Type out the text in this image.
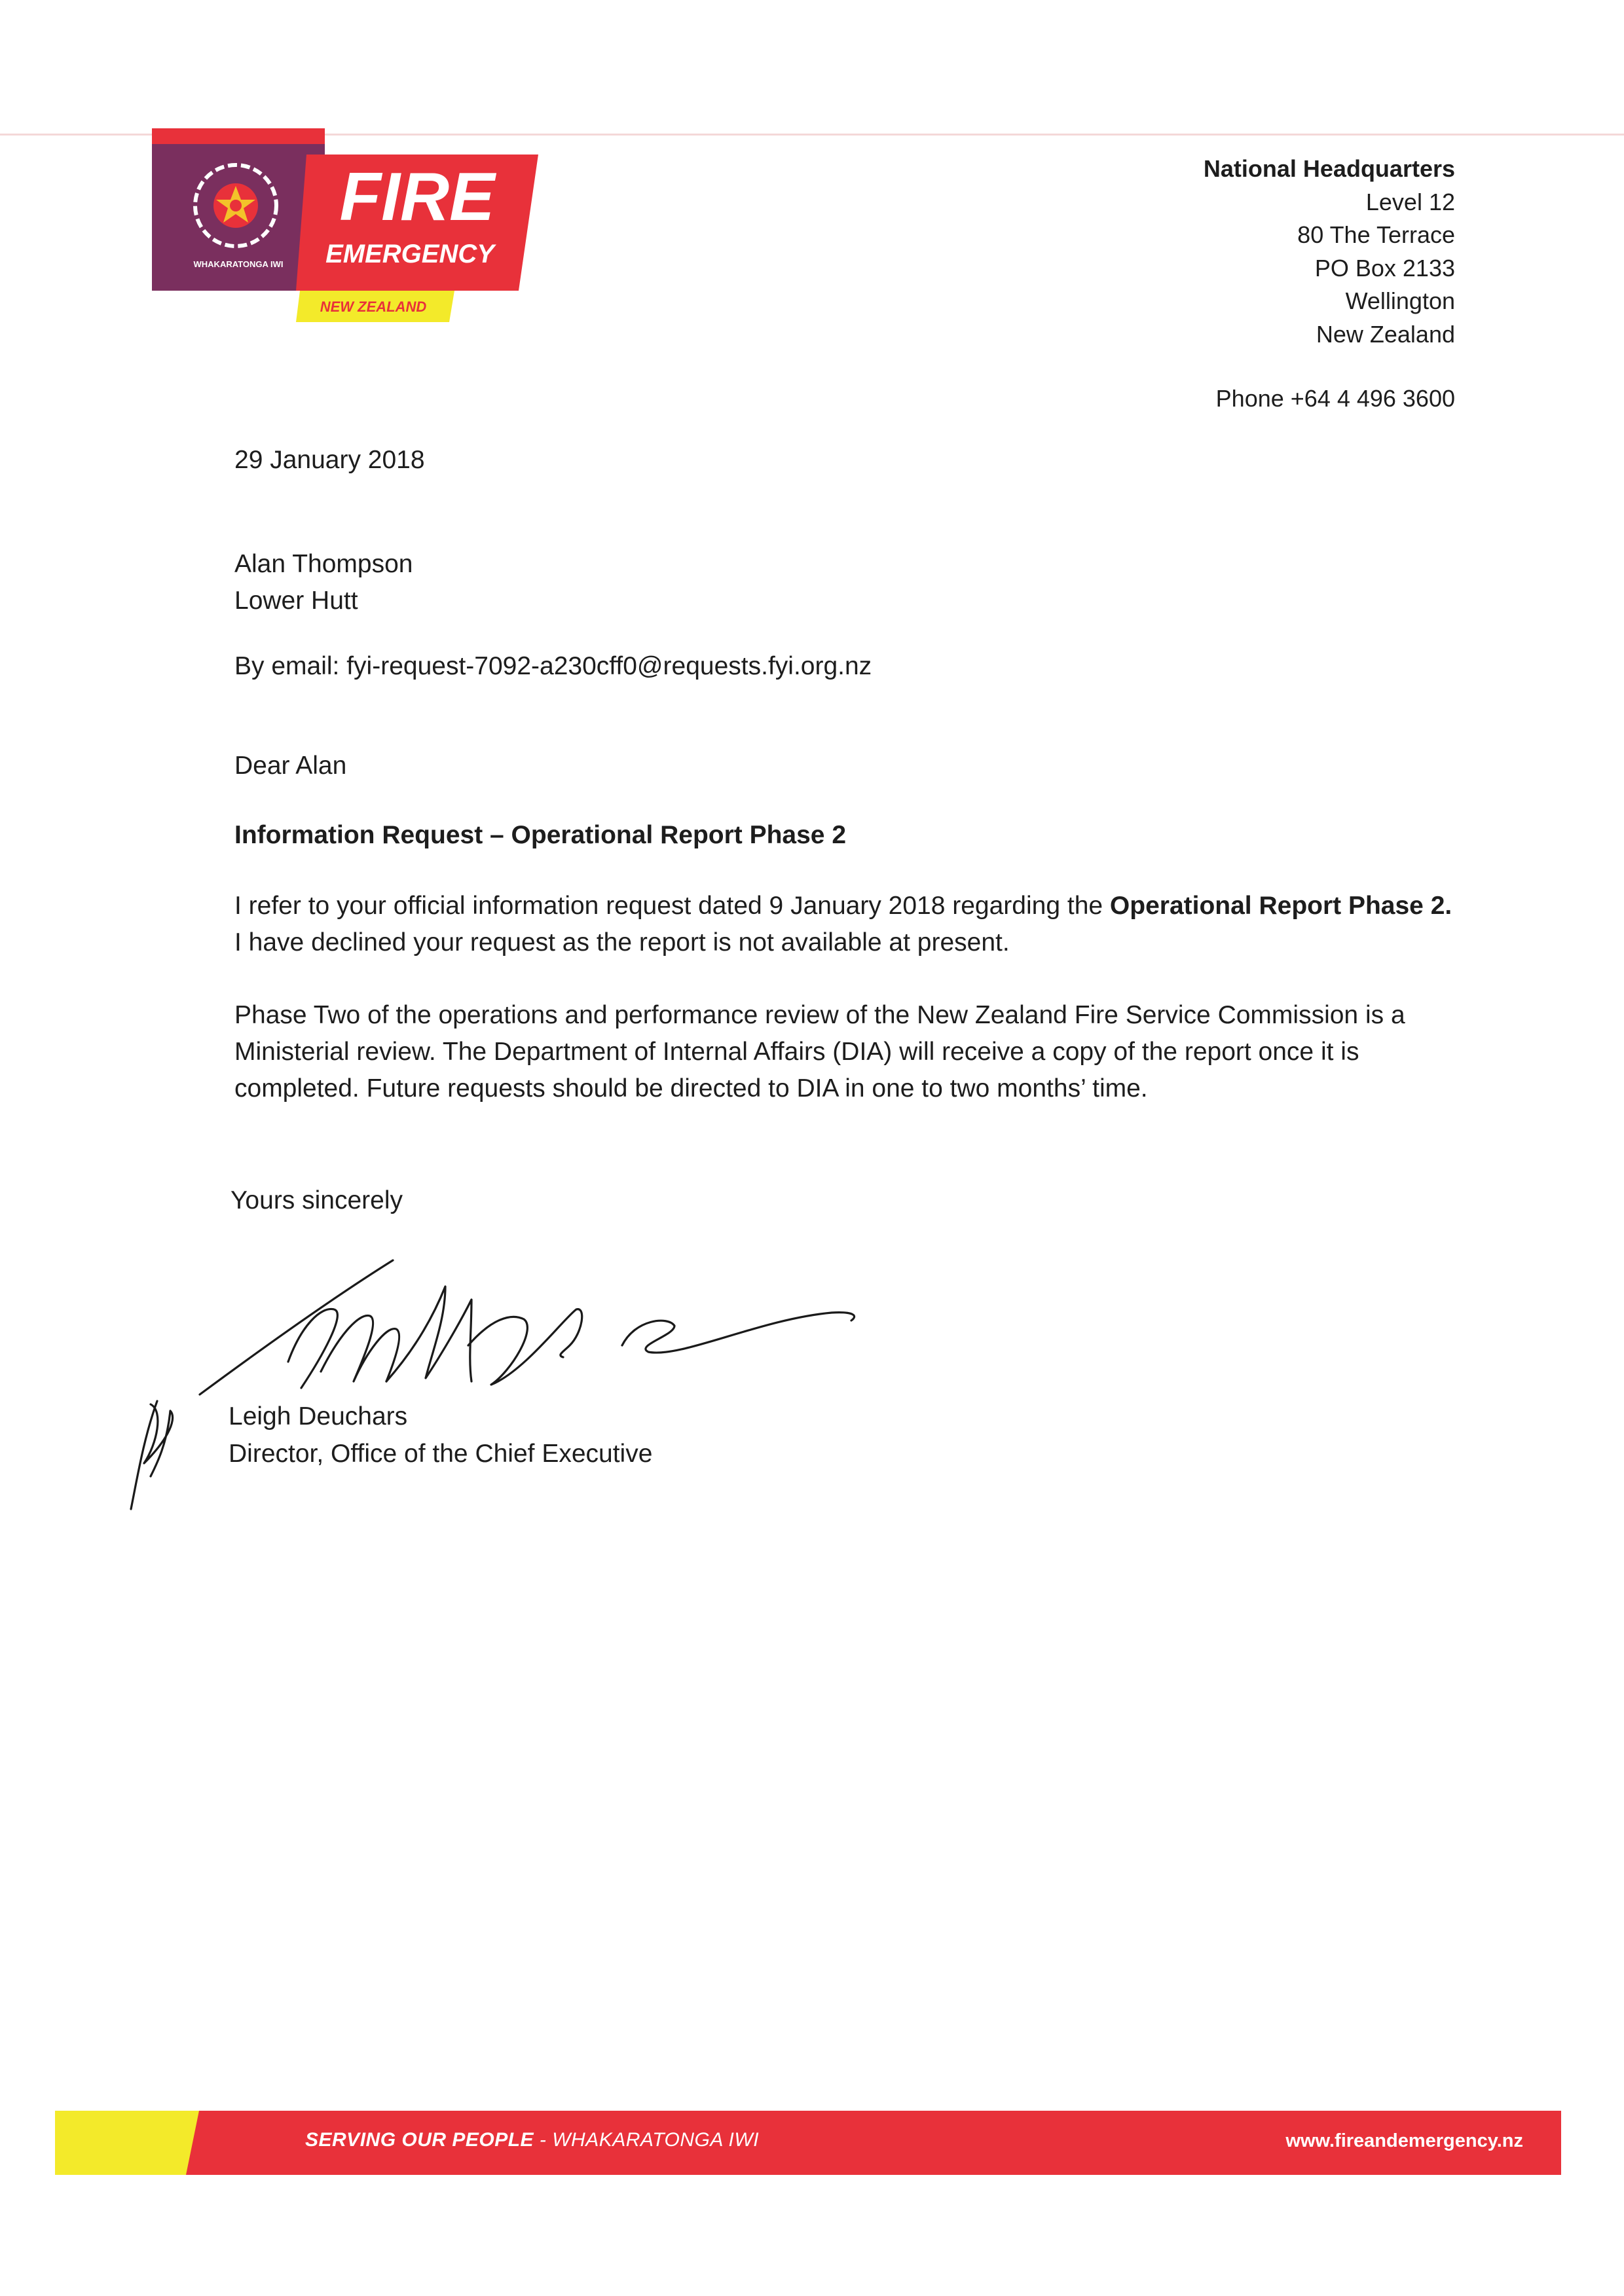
WHAKARATONGA IWI
FIRE
EMERGENCY
NEW ZEALAND
National Headquarters
Level 12
80 The Terrace
PO Box 2133
Wellington
New Zealand
Phone +64 4 496 3600
29 January 2018
Alan Thompson
Lower Hutt
By email: fyi-request-7092-a230cff0@requests.fyi.org.nz
Dear Alan
Information Request – Operational Report Phase 2
I refer to your official information request dated 9 January 2018 regarding the Operational Report Phase 2. I have declined your request as the report is not available at present.
Phase Two of the operations and performance review of the New Zealand Fire Service Commission is a Ministerial review. The Department of Internal Affairs (DIA) will receive a copy of the report once it is completed. Future requests should be directed to DIA in one to two months’ time.
Yours sincerely
Leigh Deuchars
Director, Office of the Chief Executive
SERVING OUR PEOPLE - WHAKARATONGA IWI	www.fireandemergency.nz
